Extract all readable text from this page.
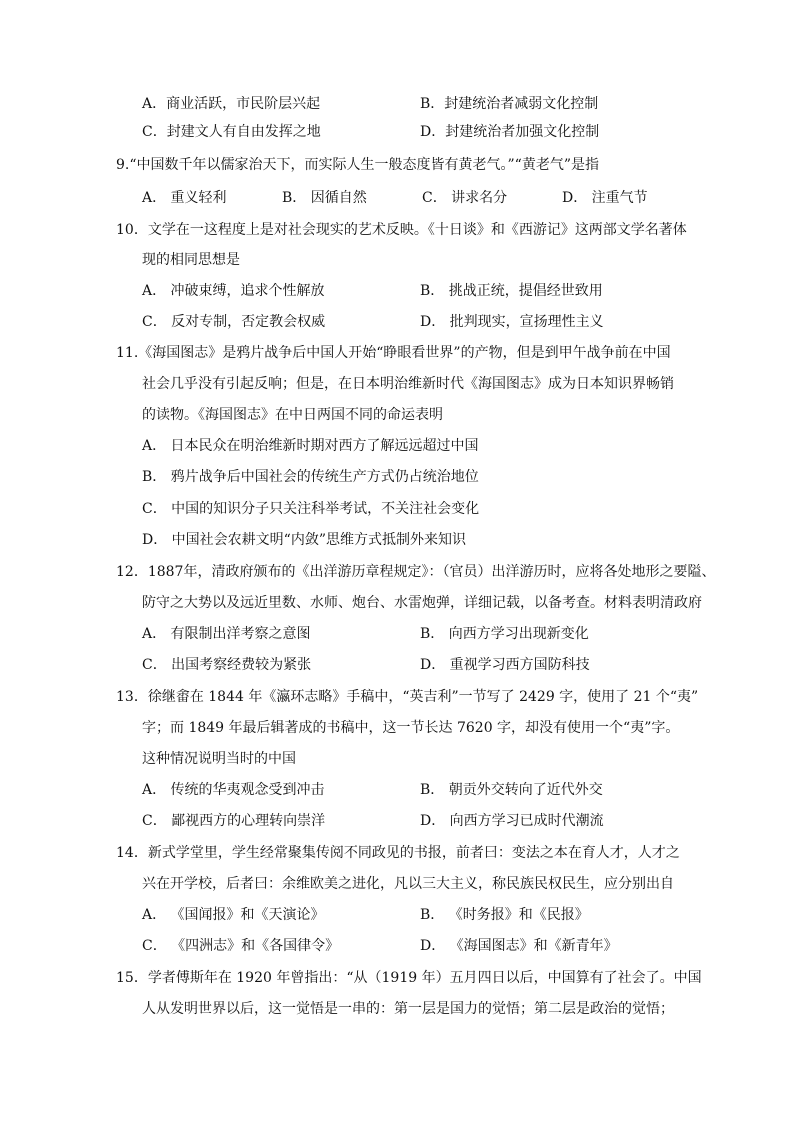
A．商业活跃，市民阶层兴起	B．封建统治者减弱文化控制
C．封建文人有自由发挥之地	D．封建统治者加强文化控制
9.“中国数千年以儒家治天下，而实际人生一般态度皆有黄老气。”“黄老气”是指
A． 重义轻利	B． 因循自然	C． 讲求名分	D． 注重气节
10．文学在一这程度上是对社会现实的艺术反映。《十日谈》和《西游记》这两部文学名著体
现的相同思想是
A． 冲破束缚，追求个性解放	B． 挑战正统，提倡经世致用
C． 反对专制，否定教会权威	D． 批判现实，宣扬理性主义
11.《海国图志》是鸦片战争后中国人开始“睁眼看世界”的产物，但是到甲午战争前在中国
社会几乎没有引起反响；但是，在日本明治维新时代《海国图志》成为日本知识界畅销
的读物。《海国图志》在中日两国不同的命运表明
A． 日本民众在明治维新时期对西方了解远远超过中国
B． 鸦片战争后中国社会的传统生产方式仍占统治地位
C． 中国的知识分子只关注科举考试，不关注社会变化
D． 中国社会农耕文明“内敛”思维方式抵制外来知识
12．1887年，清政府颁布的《出洋游历章程规定》：（官员）出洋游历时，应将各处地形之要隘、
防守之大势以及远近里数、水师、炮台、水雷炮弹，详细记载，以备考查。材料表明清政府
A． 有限制出洋考察之意图	B． 向西方学习出现新变化
C． 出国考察经费较为紧张	D． 重视学习西方国防科技
13．徐继畬在 1844 年《瀛环志略》手稿中，“英吉利”一节写了 2429 字，使用了 21 个“夷”
字；而 1849 年最后辑著成的书稿中，这一节长达 7620 字，却没有使用一个“夷”字。
这种情况说明当时的中国
A． 传统的华夷观念受到冲击	B． 朝贡外交转向了近代外交
C． 鄙视西方的心理转向崇洋	D． 向西方学习已成时代潮流
14．新式学堂里，学生经常聚集传阅不同政见的书报，前者曰：变法之本在育人才，人才之
兴在开学校，后者曰：余维欧美之进化，凡以三大主义，称民族民权民生，应分别出自
A． 《国闻报》和《天演论》	B． 《时务报》和《民报》
C． 《四洲志》和《各国律令》	D． 《海国图志》和《新青年》
15．学者傅斯年在 1920 年曾指出：“从（1919 年）五月四日以后，中国算有了社会了。中国
人从发明世界以后，这一觉悟是一串的：第一层是国力的觉悟；第二层是政治的觉悟；
